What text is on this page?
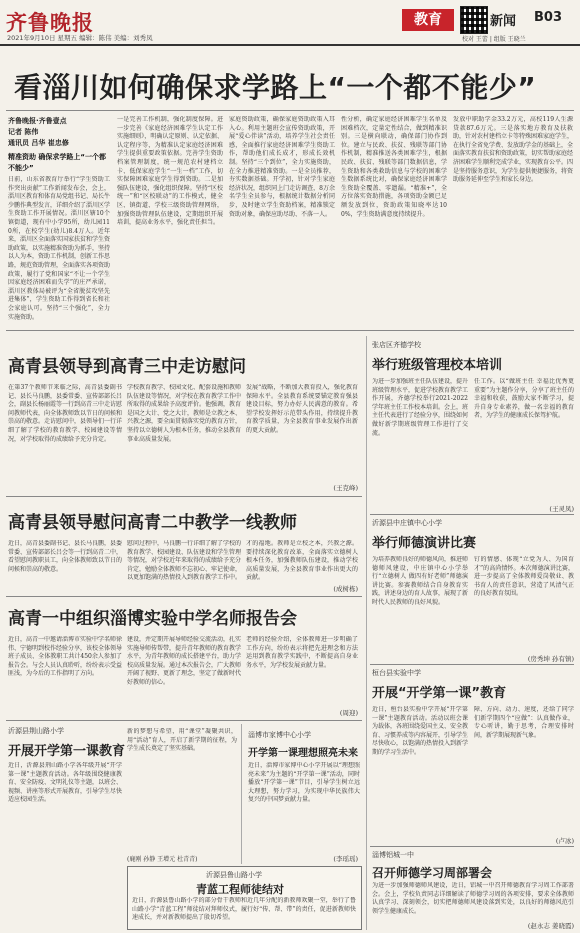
齐鲁晚报
2021年9月10日 星期五 编辑：陈伟 美编：刘秀凤
教育	新闻 B03
校对 王蕾 | 组版 王晓兰
看淄川如何确保求学路上“一个都不能少”
齐鲁晚报·齐鲁壹点
记者 陈伟
通讯员 吕华 崔忠修
精准资助 确保求学路上“一个都不能少”
日前，山东省教育厅举行“学生资助工作突出贡献”工作新闻发布会，会上，淄川区教育和体育局党组书记、局长牛少鹏作典型发言，详细介绍了淄川区学生资助工作开展情况。淄川区辖10个镇街道，现有中小学95所，幼儿园110所，在校学生(幼儿)8.4万人。近年来，淄川区全面落实国家扶贫和学生资助政策，以实施精准资助为抓手，坚持以人为本，资助工作机制，创新工作思路，规范资助管理，全面落实各项资助政策，履行了党和国家“不让一个学生因家庭经济困难而失学”的庄严承诺，淄川区教体局被评为“全省脱贫攻坚先进集体”，学生资助工作得到省长和社会家庭认可。坚持“三个强化”，全力实施资助。
一是完善工作机制，强化制度保障。进一步完善《家庭经济困难学生认定工作实施细则》，明确认定原则、认定依据、认定程序等，为精准认定家庭经济困难学生提供重要政策依据。完善学生资助档案管理制度，统一规范农村建档立卡、低保家庭学生“一生一档”工作，切实保障困难家庭学生得到资助。二是加强队伍建设，强化组织保障。坚持“区校统一”和“区校联动”的工作模式，健全区、镇街道、学校三级资助管理网络，加强资助管理队伍建设，定期组织开展培训，提高业务水平，强化责任担当。
家庭资助政策，确保家庭资助政策入耳入心。利用主题班会宣传资助政策，开展“爱心伴读”活动，培养学生社会责任感，全面推行家庭经济困难学生资助工作，帮助他们成长成才，形成长效机制。坚持“三个到位”，全力实施资助，在全力推进精准资助。一是全员推荐，夯实数据基础。开学初，针对学生家庭经济状况，组织同上门走访调查，8万余名学生全员参与，根据统计数据分析同步，及时建立学生资助档案，精准锁定资助对象，确保应助尽助、不落一人。
性分析，确定家庭经济困难学生名单及困难档次，定量定性结合，做到精准识别。三是横向联动，确保部门协作到位。建立与民政、扶贫、残联等部门协作机制，精准推送各类困难学生，根据民政、扶贫、残联等部门数据信息，学生资助和各类救助信息与学校的困难学生数据系统比对，确保家庭经济困难学生资助全覆盖、零遗漏。“精准+”，全方位落实资助措施，各项资助金额已足额发放到位，资助政策知晓率达100%，学生资助满意度持续提升。
发放中职助学金33.2万元，高校119人生源贷款87.6万元。三是落实地方教育及扶救助，针对农村建档立卡等特殊困难家庭学生，在执行全省免学费、发放助学金的基础上，全面落实教育扶贫和资助政策，切实帮助家庭经济困难学生顺利完成学业，实现教育公平。四是坚持服务意识，为学生提供便捷服务，将资助服务延伸至学生和家长身边。
高青县领导到高青三中走访慰问
在第37个教师节来临之际，高青县委副书记、县长马良鹏，县委常委、宣传部部长吕会，副县长杨丽霞等一行到高青三中走访慰问教师代表，向全体教师致以节日的问候和崇高的敬意。走访慰问中，县领导们一行详细了解了学校的教育教学、校园建设等情况，对学校取得的成绩给予充分肯定。
学校教育教学、校园文化、配套设施和教师队伍建设等情况，对学校在教育教学工作中所取得的成果给予高度评价。他强调，教育是国之大计、党之大计，教师是立教之本、兴教之源，要全面贯彻落实党的教育方针，坚持以立德树人为根本任务，推动全县教育事业高质量发展。
发展“战略，不断加大教育投入，强化教育保障水平。全县教育系统要锚定教育强县建设目标，努力办好人民满意的教育。希望学校发挥好示范带头作用，持续提升教育教学质量，为全县教育事业发展作出新的更大贡献。
(王克峰)
高青县领导慰问高青二中教学一线教师
近日，高青县委副书记、县长马良鹏，县委常委、宣传部部长吕会等一行到高青二中，看望慰问教职员工，向全体教师致以节日的问候和崇高的敬意。
慰问过程中，马良鹏一行详细了解了学校的教育教学、校园建设、队伍建设和学生管理等情况，对学校近年来取得的成绩给予充分肯定，勉励全体教师不忘初心、牢记使命，以更加饱满的热情投入到教育教学工作中。
才的福地。教师是立校之本，兴教之源。要持续深化教育改革，全面落实立德树人根本任务，加强教师队伍建设，推动学校高质量发展，为全县教育事业作出更大的贡献。
(成树栋)
高青一中组织淄博实验中学名师报告会
近日，高青一中邀请淄博市实验中学名师徐伟、宁德明到校作经验分享，该校全体领导班子成员、全体教职工共计450余人参加了报告会。与会人员认真聆听，纷纷表示受益匪浅，为今后的工作指明了方向。
建设，并定期开展导师经验交流活动，扎实实施导师传帮带，提升青年教师的教育教学水平，为青年教师的成长搭建平台，助力学校高质量发展。通过本次报告会，广大教师开阔了视野、更新了理念，坚定了做新时代好教师的信心。
老师的经验介绍，全体教师进一步明确了工作方向，纷纷表示将把先进理念和方法运用到教育教学实践中，不断提高自身业务水平，为学校发展贡献力量。
(周迎)
沂源县荆山路小学
开展开学第一课教育
近日，沂源县荆山路小学各年级开展“开学第一课”主题教育活动。各年级围绕健康教育、安全防疫、文明礼仪等主题，以班会、视频、讲座等形式开展教育，引导学生尽快适应校园生活。
新的梦想与希望，用“课堂”凝聚共识，用“活动”育人，开启了新学期的征程，为学生成长奠定了坚实基础。
(鹿刚 孙静 王增元 杜青青)
淄博市家博中心小学
开学第一课理想照亮未来
近日，淄博市家博中心小学开展以“理想照亮未来”为主题的“开学第一课”活动，同时播放“开学第一课”节目，引导学生树立远大理想，努力学习，为实现中华民族伟大复兴的中国梦贡献力量。
(李瑶瑶)
沂源县鲁山路小学
青蓝工程师徒结对
近日，沂源县鲁山路小学的部分骨干教师和近几年分配的新教师欢聚一堂，举行了鲁山路小学“青蓝工程”师徒结对拜师仪式，履行好“传、帮、带”的责任，促进新教师快速成长，并对新教师提出了殷切希望。
张店区齐德学校
举行班级管理校本培训
为进一步加强班主任队伍建设，提升班级管理水平，促进学校教育教学工作开展，齐德学校举行2021-2022学年班主任工作校本培训。会上，班主任代表进行了经验分享，围绕如何做好新学期班级管理工作进行了交流。
任工作。以“做班主任 幸福比优秀更重要”为主题作分享，分享了班主任的幸福和收获，鼓励大家不断学习，提升自身专业素养，做一名幸福的教育者，为学生的健康成长保驾护航。
(王灵凤)
沂源县中庄镇中心小学
举行师德演讲比赛
为培养教师良好的师德风尚，推进师德师风建设，中庄镇中心小学举行“立德树人 做四有好老师”师德演讲比赛。参赛教师结合自身教育实践，讲述身边的育人故事，展现了新时代人民教师的良好风貌。
钉的情感、体现“立党为人、为国育才”的高尚情怀。本次师德演讲比赛，进一步提高了全体教师爱岗敬业、教书育人的责任意识，营造了风清气正的良好教育氛围。
(房秀坤 孙有镇)
桓台县实验中学
开展“开学第一课”教育
近日，桓台县实验中学开展“开学第一课”主题教育活动。活动以班会课为载体，各班围绕爱国主义、安全教育、习惯养成等内容展开，引导学生尽快收心，以饱满的热情投入到新学期的学习生活中。
障、方向、动力、速度，还给了同学们新学期四个“应做”：认真做作业，专心听讲，勤于思考，合理安排时间，新学期展现新气象。
(卢冰)
淄博铝城一中
召开师德学习周部署会
为进一步加强师德师风建设，近日，铝城一中召开师德教育学习周工作部署会。会上，学校负责同志详细解读了师德学习周的各项安排，要求全体教师认真学习、深刻领会，切实把师德师风建设落到实处，以良好的师德风范引领学生健康成长。
(赵永志 姜晓霞)
